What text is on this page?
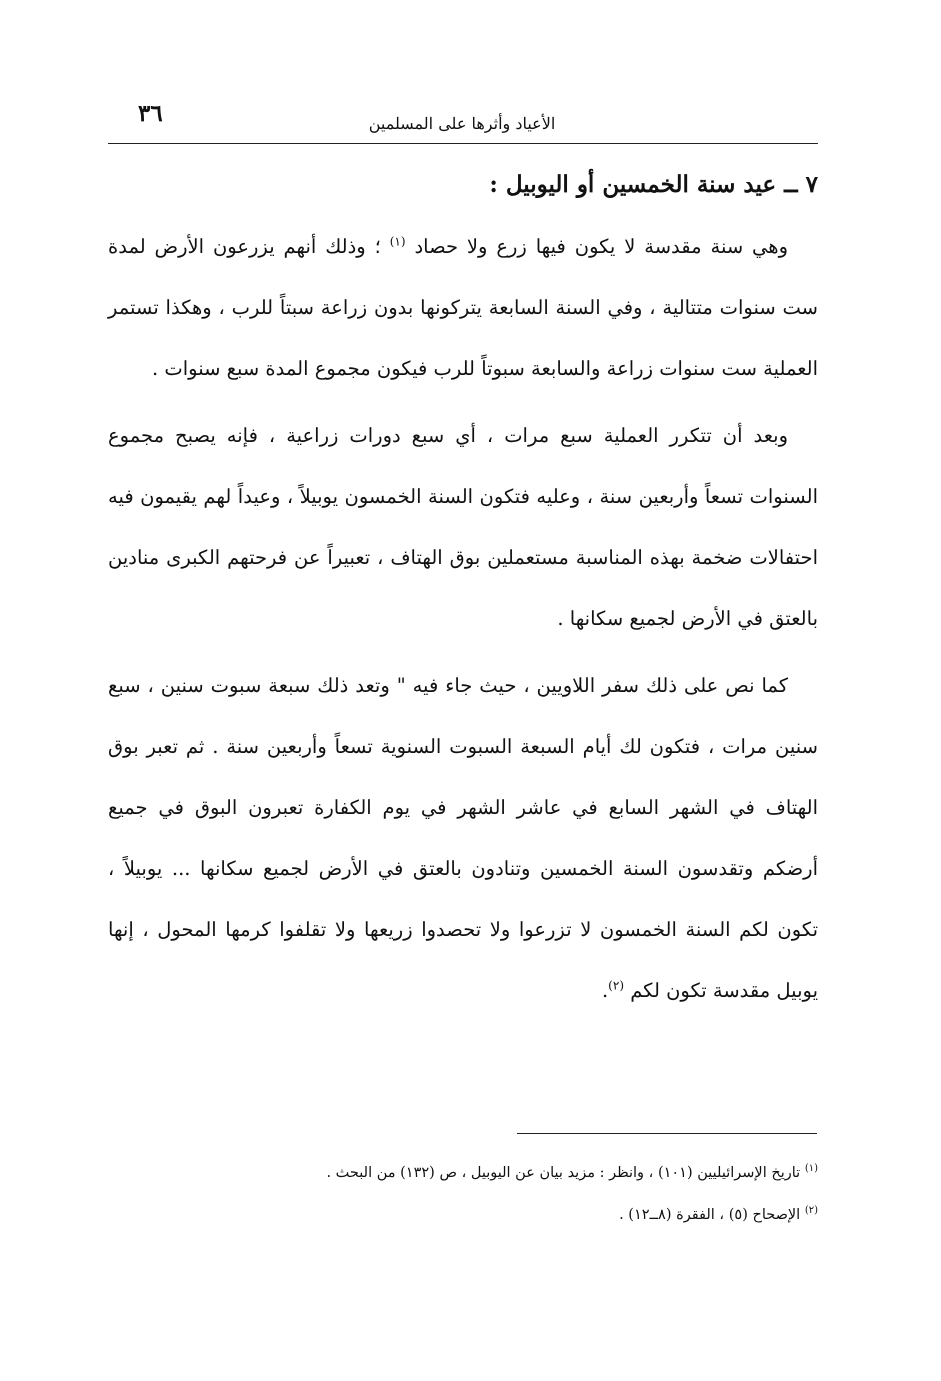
٣٦	الأعياد وأثرها على المسلمين
٧ ــ عيد سنة الخمسين أو اليوبيل :

وهي سنة مقدسة لا يكون فيها زرع ولا حصاد $^{(١)}$ ؛ وذلك أنهم يزرعون الأرض لمدة ست سنوات متتالية ، وفي السنة السابعة يتركونها بدون زراعة سبتاً للرب ، وهكذا تستمر العملية ست سنوات زراعة والسابعة سبوتاً للرب فيكون مجموع المدة سبع سنوات .

وبعد أن تتكرر العملية سبع مرات ، أي سبع دورات زراعية ، فإنه يصبح مجموع السنوات تسعاً وأربعين سنة ، وعليه فتكون السنة الخمسون يوبيلاً ، وعيداً لهم يقيمون فيه احتفالات ضخمة بهذه المناسبة مستعملين بوق الهتاف ، تعبيراً عن فرحتهم الكبرى منادين بالعتق في الأرض لجميع سكانها .

كما نص على ذلك سفر اللاويين ، حيث جاء فيه " وتعد ذلك سبعة سبوت سنين ، سبع سنين مرات ، فتكون لك أيام السبعة السبوت السنوية تسعاً وأربعين سنة . ثم تعبر بوق الهتاف في الشهر السابع في عاشر الشهر في يوم الكفارة تعبرون البوق في جميع أرضكم وتقدسون السنة الخمسين وتنادون بالعتق في الأرض لجميع سكانها ... يوبيلاً ، تكون لكم السنة الخمسون لا تزرعوا ولا تحصدوا زريعها ولا تقلفوا كرمها المحول ، إنها يوبيل مقدسة تكون لكم $^{(٢)}$.

$^{(١)}$ تاريخ الإسرائيليين (١٠١) ، وانظر : مزيد بيان عن اليوبيل ، ص (١٣٢) من البحث .
$^{(٢)}$ الإصحاح (٥) ، الفقرة (٨ــ١٢) .
